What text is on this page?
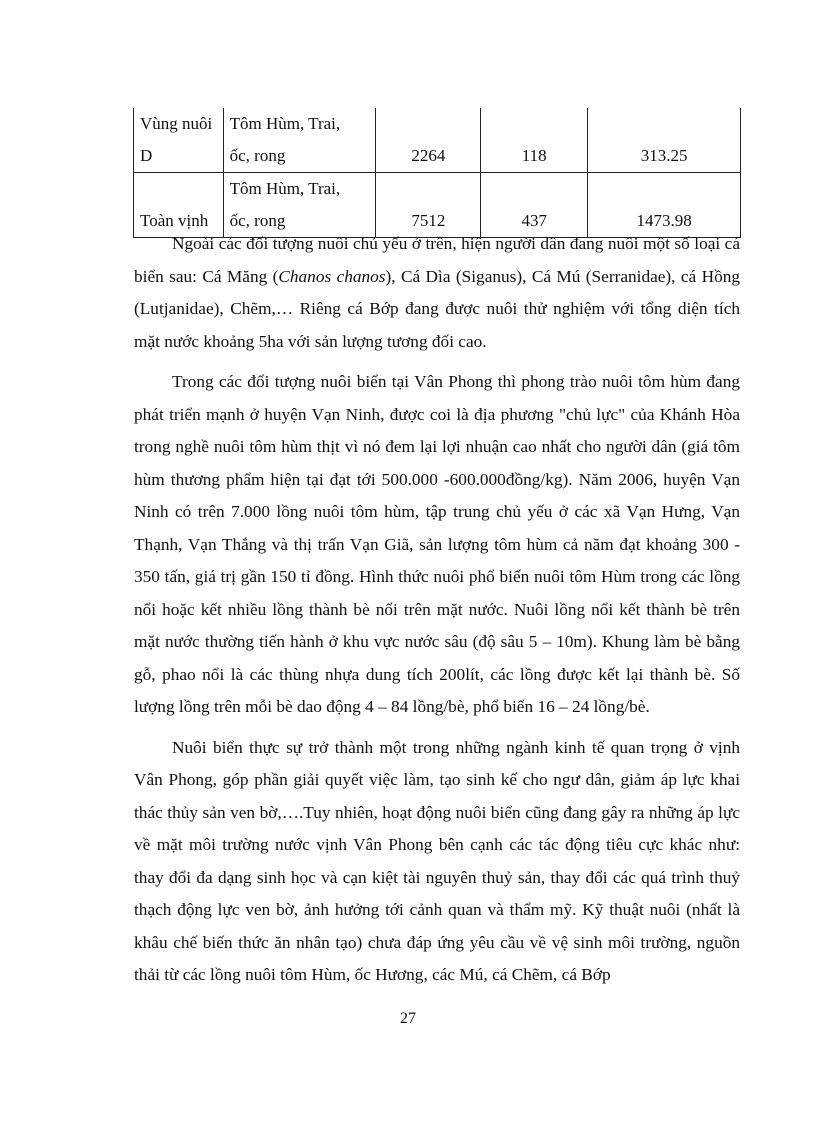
Vùng nuôi
D	Tôm Hùm, Trai,
ốc, rong	2264	118	313.25

Toàn vịnh	Tôm Hùm, Trai,
ốc, rong	7512	437	1473.98

Ngoài các đối tượng nuôi chủ yếu ở trên, hiện người dân đang nuôi một số loại cá biển sau: Cá Măng (Chanos chanos), Cá Dìa (Siganus), Cá Mú (Serranidae), cá Hồng (Lutjanidae), Chẽm,… Riêng cá Bớp đang được nuôi thử nghiệm với tổng diện tích mặt nước khoảng 5ha với sản lượng tương đối cao.

Trong các đối tượng nuôi biển tại Vân Phong thì phong trào nuôi tôm hùm đang phát triển mạnh ở huyện Vạn Ninh, được coi là địa phương "chủ lực" của Khánh Hòa trong nghề nuôi tôm hùm thịt vì nó đem lại lợi nhuận cao nhất cho người dân (giá tôm hùm thương phẩm hiện tại đạt tới 500.000 -600.000đồng/kg). Năm 2006, huyện Vạn Ninh có trên 7.000 lồng nuôi tôm hùm, tập trung chủ yếu ở các xã Vạn Hưng, Vạn Thạnh, Vạn Thắng và thị trấn Vạn Giã, sản lượng tôm hùm cả năm đạt khoảng 300 - 350 tấn, giá trị gần 150 tỉ đồng. Hình thức nuôi phổ biến nuôi tôm Hùm trong các lồng nổi hoặc kết nhiều lồng thành bè nổi trên mặt nước. Nuôi lồng nổi kết thành bè trên mặt nước thường tiến hành ở khu vực nước sâu (độ sâu 5 – 10m). Khung làm bè bằng gỗ, phao nổi là các thùng nhựa dung tích 200lít, các lồng được kết lại thành bè. Số lượng lồng trên mỗi bè dao động 4 – 84 lồng/bè, phổ biến 16 – 24 lồng/bè.

Nuôi biển thực sự trở thành một trong những ngành kinh tế quan trọng ở vịnh Vân Phong, góp phần giải quyết việc làm, tạo sinh kế cho ngư dân, giảm áp lực khai thác thủy sản ven bờ,….Tuy nhiên, hoạt động nuôi biển cũng đang gây ra những áp lực về mặt môi trường nước vịnh Vân Phong bên cạnh các tác động tiêu cực khác như: thay đổi đa dạng sinh học và cạn kiệt tài nguyên thuỷ sản, thay đổi các quá trình thuỷ thạch động lực ven bờ, ảnh hưởng tới cảnh quan và thẩm mỹ. Kỹ thuật nuôi (nhất là khâu chế biến thức ăn nhân tạo) chưa đáp ứng yêu cầu về vệ sinh môi trường, nguồn thải từ các lồng nuôi tôm Hùm, ốc Hương, các Mú, cá Chẽm, cá Bớp

27
